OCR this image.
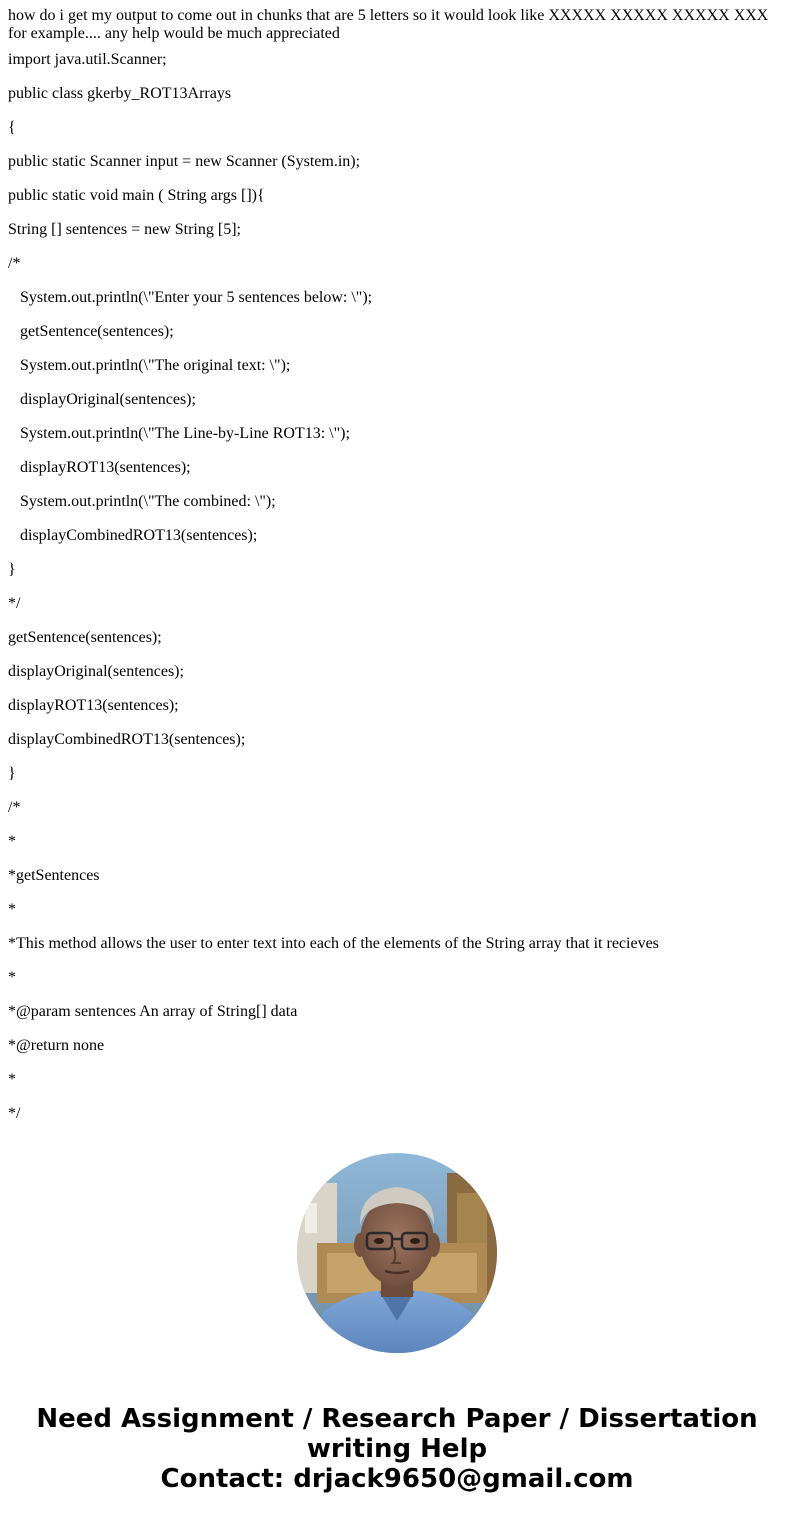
how do i get my output to come out in chunks that are 5 letters so it would look like XXXXX XXXXX XXXXX XXX for example.... any help would be much appreciated

import java.util.Scanner;

public class gkerby_ROT13Arrays

{

public static Scanner input = new Scanner (System.in);

public static void main ( String args []){

String [] sentences = new String [5];

/*

System.out.println(\"Enter your 5 sentences below: \");

getSentence(sentences);

System.out.println(\"The original text: \");

displayOriginal(sentences);

System.out.println(\"The Line-by-Line ROT13: \");

displayROT13(sentences);

System.out.println(\"The combined: \");

displayCombinedROT13(sentences);

}

*/

getSentence(sentences);

displayOriginal(sentences);

displayROT13(sentences);

displayCombinedROT13(sentences);

}

/*

*

*getSentences

*

*This method allows the user to enter text into each of the elements of the String array that it recieves

*

*@param sentences An array of String[] data

*@return none

*

*/

Need Assignment / Research Paper / Dissertation

writing Help

Contact: drjack9650@gmail.com
